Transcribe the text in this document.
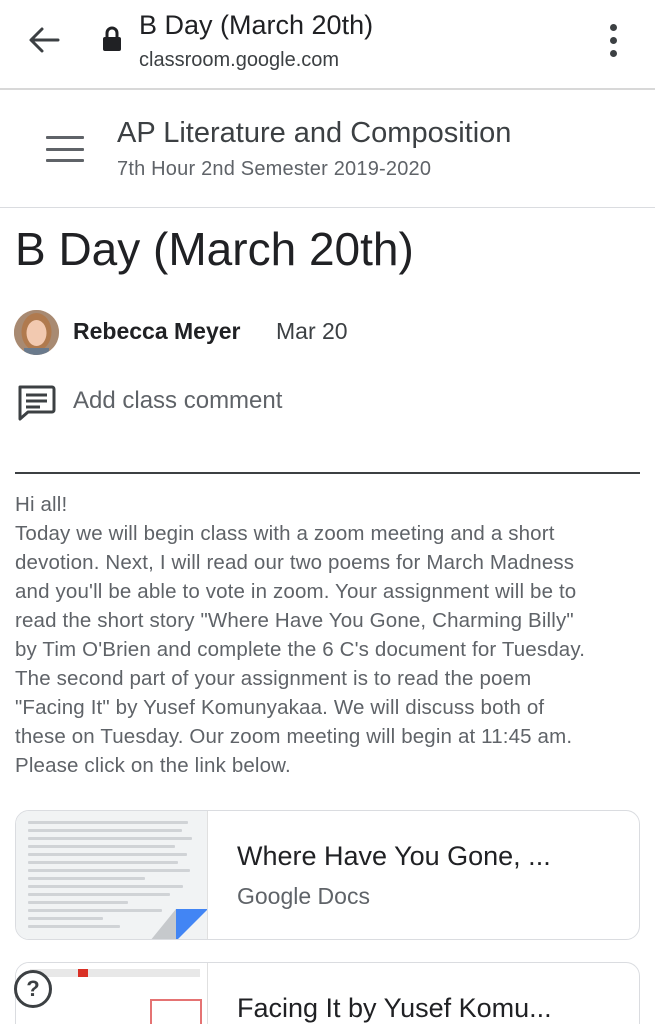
B Day (March 20th)
classroom.google.com
AP Literature and Composition
7th Hour 2nd Semester 2019-2020
B Day (March 20th)
Rebecca Meyer Mar 20
Add class comment

Hi all!

Today we will begin class with a zoom meeting and a short

devotion. Next, I will read our two poems for March Madness

and you'll be able to vote in zoom. Your assignment will be to

read the short story "Where Have You Gone, Charming Billy"

by Tim O'Brien and complete the 6 C's document for Tuesday.

The second part of your assignment is to read the poem

"Facing It" by Yusef Komunyakaa. We will discuss both of

these on Tuesday. Our zoom meeting will begin at 11:45 am.

Please click on the link below.

Where Have You Gone, ...
Google Docs
Facing It by Yusef Komu...
?
